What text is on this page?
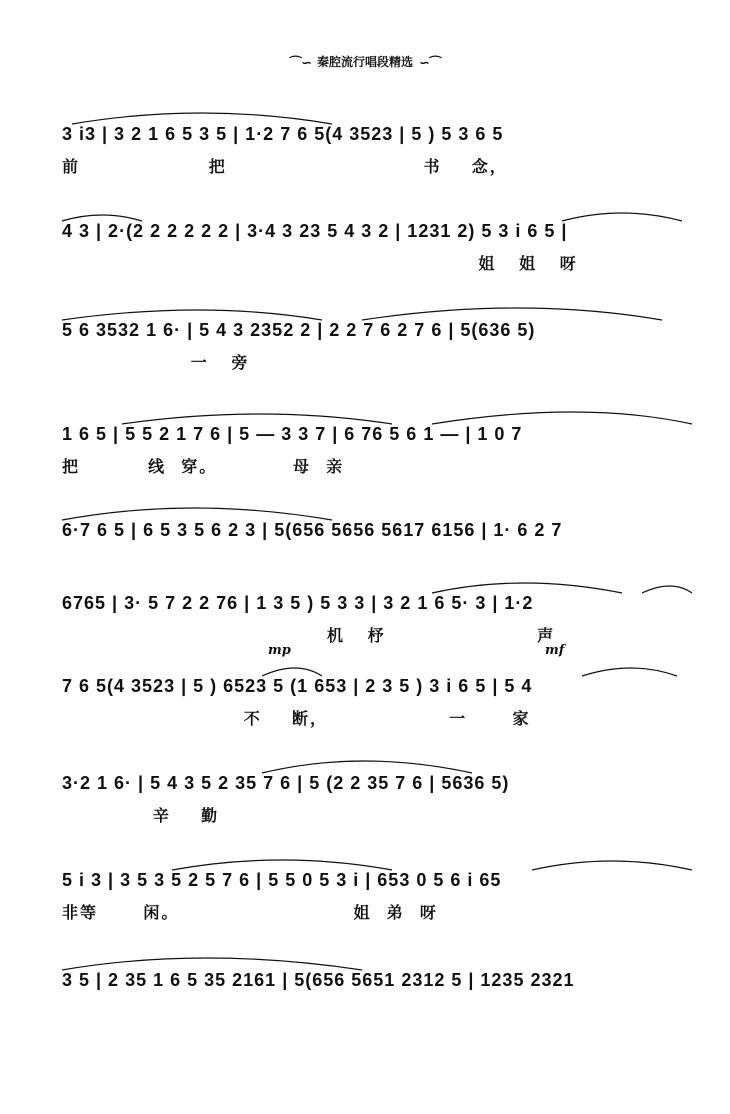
⌒∽ 秦腔流行唱段精选 ∽⌒
3 i3 | 3 2 1 6 5 3 5 | 1·2 7 6 5(4 3523 | 5 ) 5 3 6 5
前                 把                          书    念，
4 3 | 2·(2 2 2 2 2 2 | 3·4 3 23 5 4 3 2 | 1231 2) 5 3 i 6 5 |
姐   姐   呀
5 6 3532 1 6· | 5 4 3 2352 2 | 2 2 7 6 2 7 6 | 5(636 5)
一   旁
1 6 5 | 5 5 2 1 7 6 | 5 — 3 3 7 | 6 76 5 6 1 — | 1 0 7
把         线  穿。          母  亲
6·7 6 5 | 6 5 3 5 6 2 3 | 5(656 5656 5617 6156 | 1· 6 2 7
6765 | 3· 5 7 2 2 76 | 1 3 5 ) 5 3 3 | 3 2 1 6 5· 3 | 1·2
机   杼                    声
7 6 5(4 3523 | 5 ) 6523 5 (1 653 | 2 3 5 ) 3 i 6 5 | 5 4
不    断，                一      家
3·2 1 6· | 5 4 3 5 2 35 7 6 | 5 (2 2 35 7 6 | 5636 5)
辛    勤
5 i 3 | 3 5 3 5 2 5 7 6 | 5 5 0 5 3 i | 653 0 5 6 i 65
非等      闲。                       姐  弟  呀
3 5 | 2 35 1 6 5 35 2161 | 5(656 5651 2312 5 | 1235 2321
mp	mf
